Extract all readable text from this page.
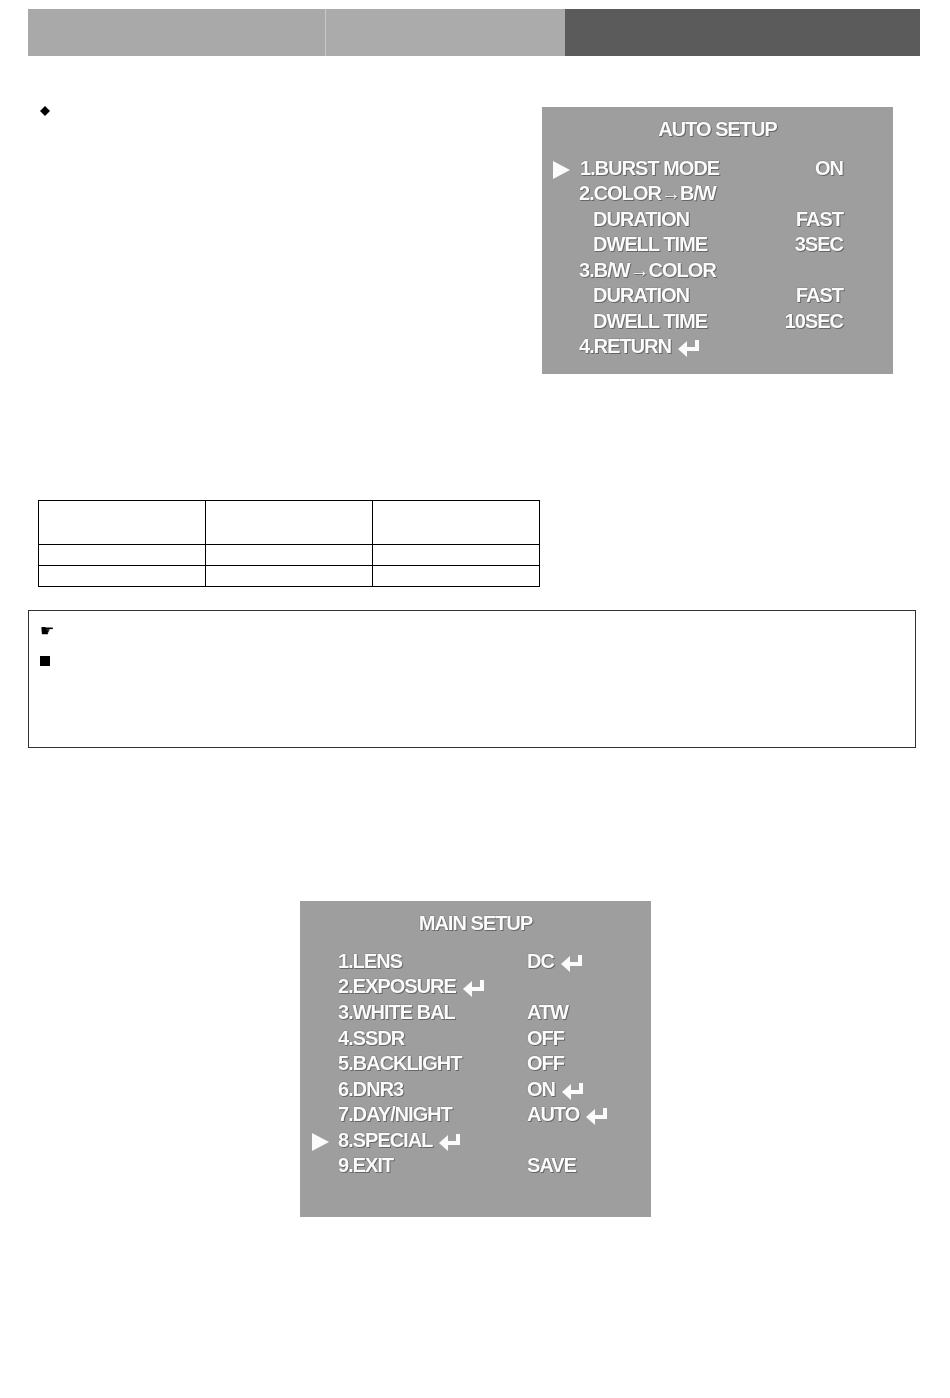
AUTO SETUP
1.BURST MODE	ON
2.COLOR→B/W
DURATION	FAST
DWELL TIME	3SEC
3.B/W→COLOR
DURATION	FAST
DWELL TIME	10SEC
4.RETURN

☛
MAIN SETUP
1.LENS	DC
2.EXPOSURE
3.WHITE BAL	ATW
4.SSDR	OFF
5.BACKLIGHT	OFF
6.DNR3	ON
7.DAY/NIGHT	AUTO
8.SPECIAL
9.EXIT	SAVE
